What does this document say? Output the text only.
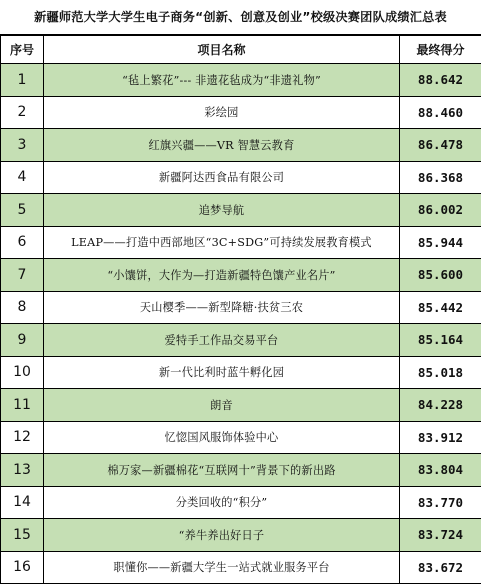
新疆师范大学大学生电子商务“创新、创意及创业”校级决赛团队成绩汇总表
序号	项目名称	最终得分
1	“毡上繁花”--- 非遗花毡成为“非遗礼物”	88.642
2	彩绘园	88.460
3	红旗兴疆——VR 智慧云教育	86.478
4	新疆阿达西食品有限公司	86.368
5	追梦导航	86.002
6	LEAP——打造中西部地区“3C+SDG”可持续发展教育模式	85.944
7	“小馕饼，大作为—打造新疆特色馕产业名片”	85.600
8	天山樱季——新型降糖·扶贫三农	85.442
9	爱特手工作品交易平台	85.164
10	新一代比利时蓝牛孵化园	85.018
11	朗音	84.228
12	忆惚国风服饰体验中心	83.912
13	棉万家—新疆棉花“互联网十”背景下的新出路	83.804
14	分类回收的“积分”	83.770
15	“养牛养出好日子	83.724
16	职懂你——新疆大学生一站式就业服务平台	83.672
